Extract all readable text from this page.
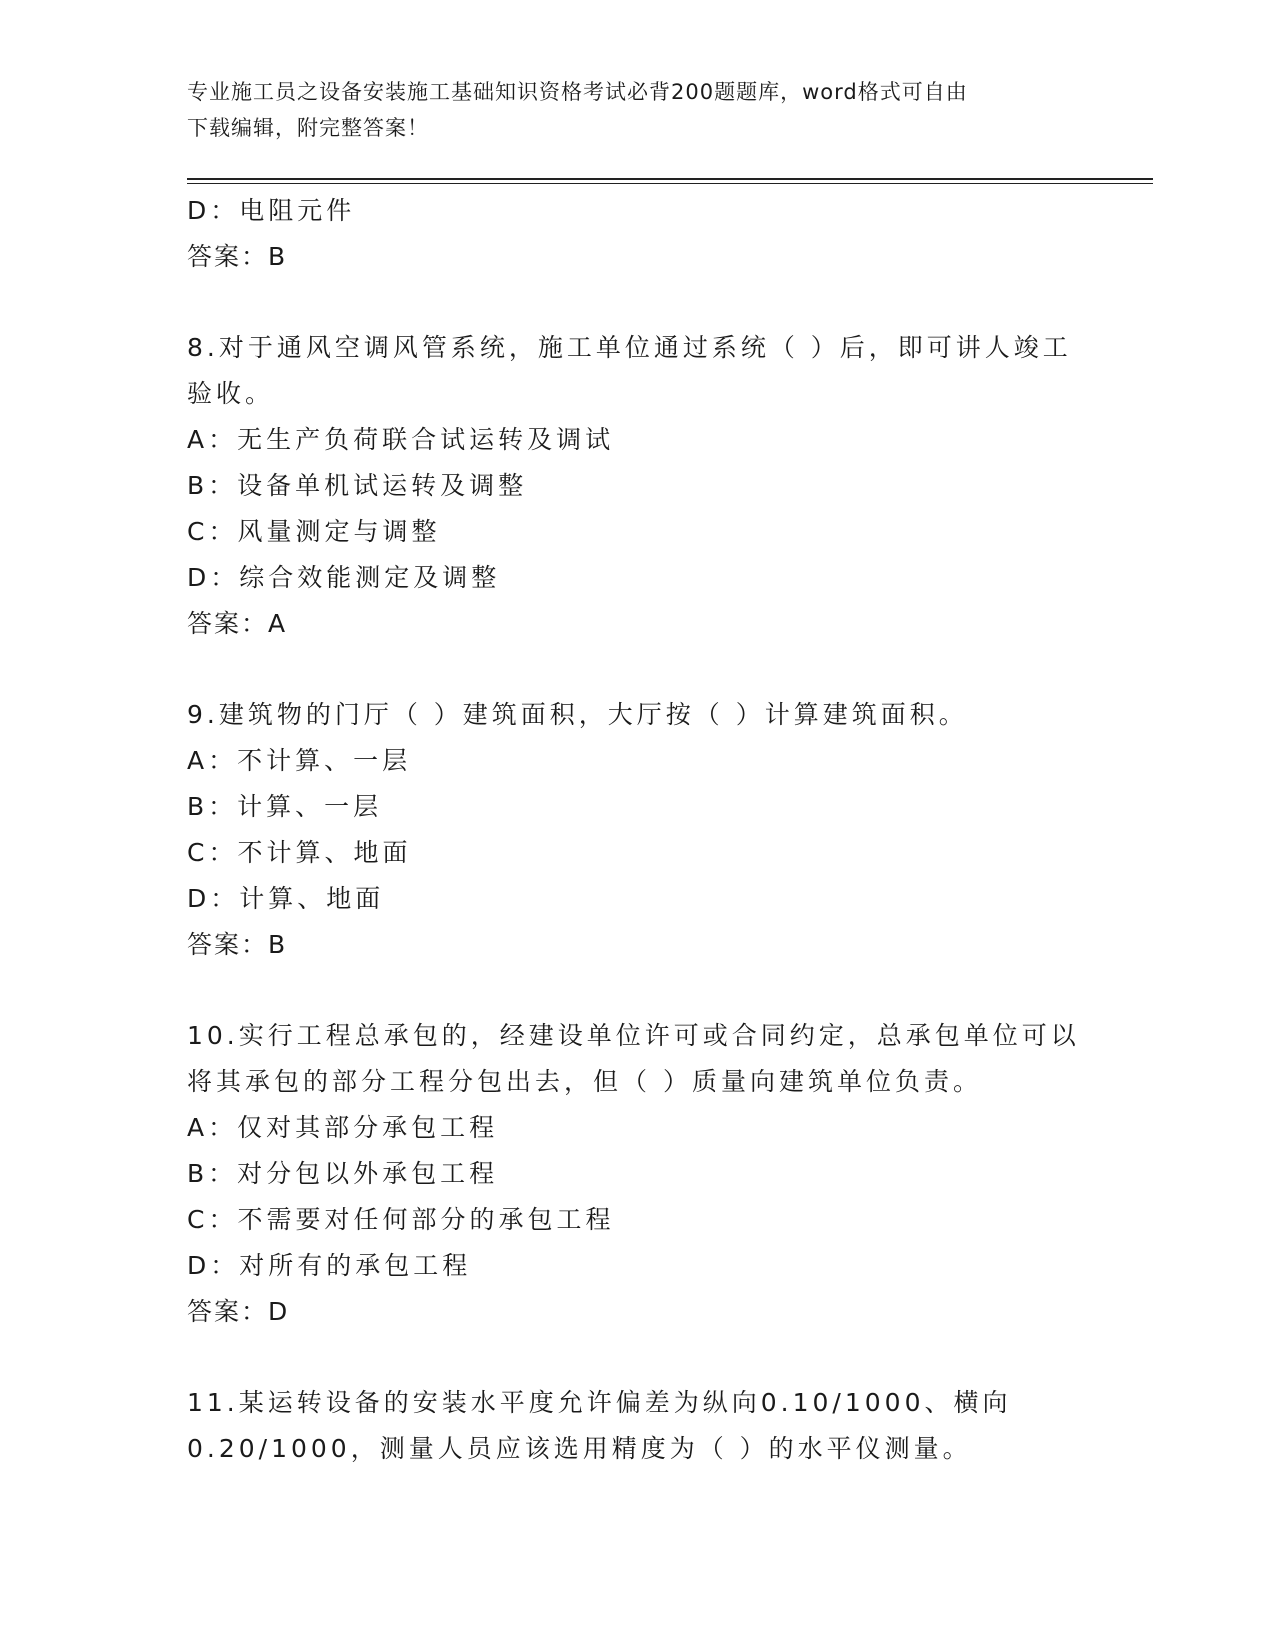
专业施工员之设备安装施工基础知识资格考试必背200题题库，word格式可自由
下载编辑，附完整答案！
D：电阻元件
答案：B
8.对于通风空调风管系统，施工单位通过系统（ ）后，即可讲人竣工
验收。
A：无生产负荷联合试运转及调试
B：设备单机试运转及调整
C：风量测定与调整
D：综合效能测定及调整
答案：A
9.建筑物的门厅（ ）建筑面积，大厅按（ ）计算建筑面积。
A：不计算、一层
B：计算、一层
C：不计算、地面
D：计算、地面
答案：B
10.实行工程总承包的，经建设单位许可或合同约定，总承包单位可以
将其承包的部分工程分包出去，但（ ）质量向建筑单位负责。
A：仅对其部分承包工程
B：对分包以外承包工程
C：不需要对任何部分的承包工程
D：对所有的承包工程
答案：D
11.某运转设备的安装水平度允许偏差为纵向0.10/1000、横向
0.20/1000，测量人员应该选用精度为（ ）的水平仪测量。
